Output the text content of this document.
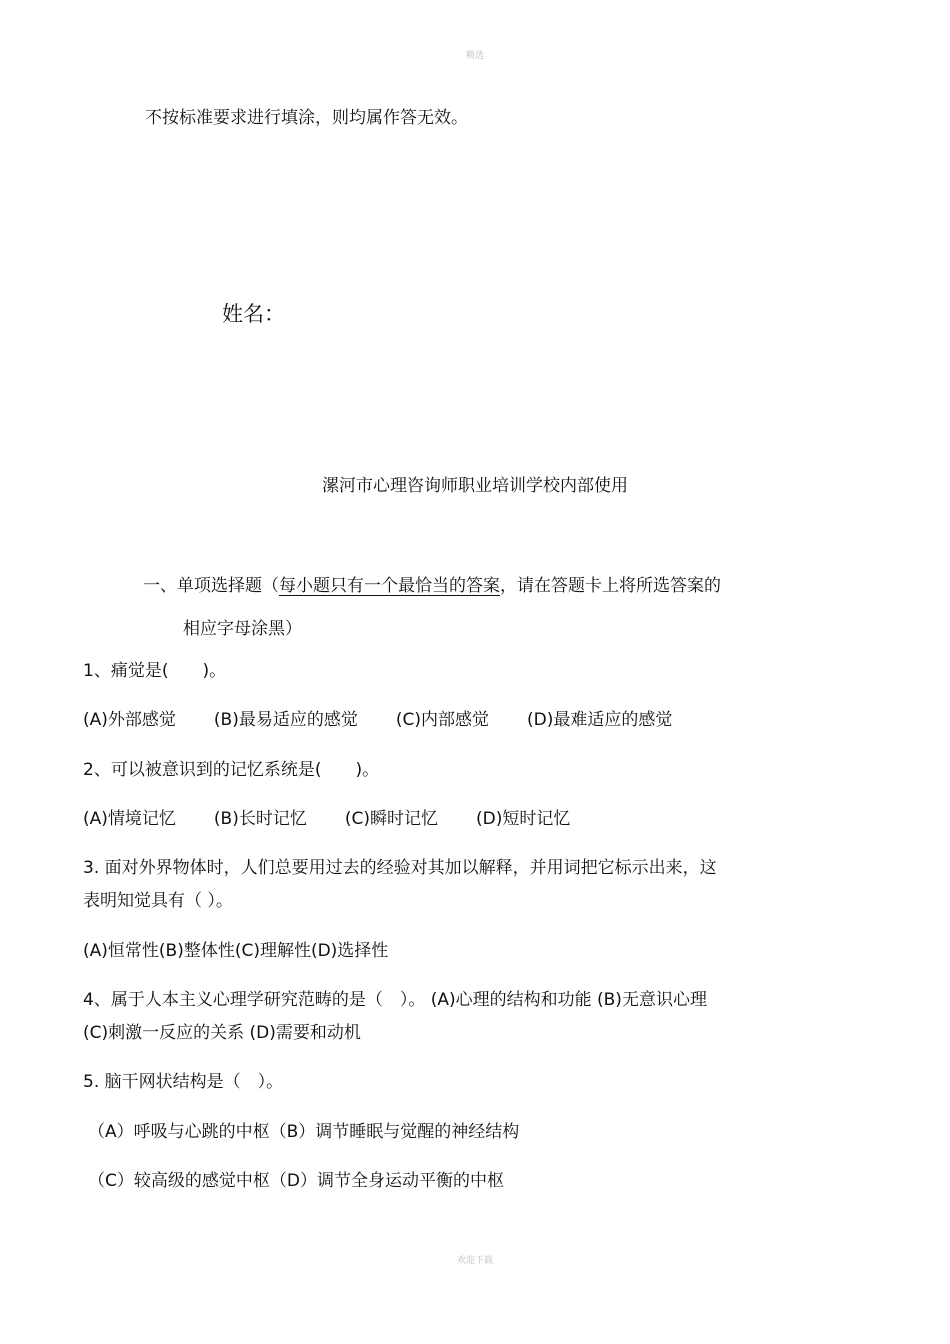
精选
不按标准要求进行填涂，则均属作答无效。
姓名：
漯河市心理咨询师职业培训学校内部使用
一、单项选择题（每小题只有一个最恰当的答案，请在答题卡上将所选答案的
相应字母涂黑）
1、痛觉是(　　)。
(A)外部感觉 (B)最易适应的感觉 (C)内部感觉 (D)最难适应的感觉
2、可以被意识到的记忆系统是(　　)。
(A)情境记忆 (B)长时记忆 (C)瞬时记忆 (D)短时记忆
3. 面对外界物体时，人们总要用过去的经验对其加以解释，并用词把它标示出来，这
表明知觉具有（ ）。
(A)恒常性(B)整体性(C)理解性(D)选择性
4、属于人本主义心理学研究范畴的是（　）。 (A)心理的结构和功能 (B)无意识心理
(C)刺激一反应的关系 (D)需要和动机
5. 脑干网状结构是（　）。
（A）呼吸与心跳的中枢（B）调节睡眠与觉醒的神经结构
（C）较高级的感觉中枢（D）调节全身运动平衡的中枢
欢迎下载
